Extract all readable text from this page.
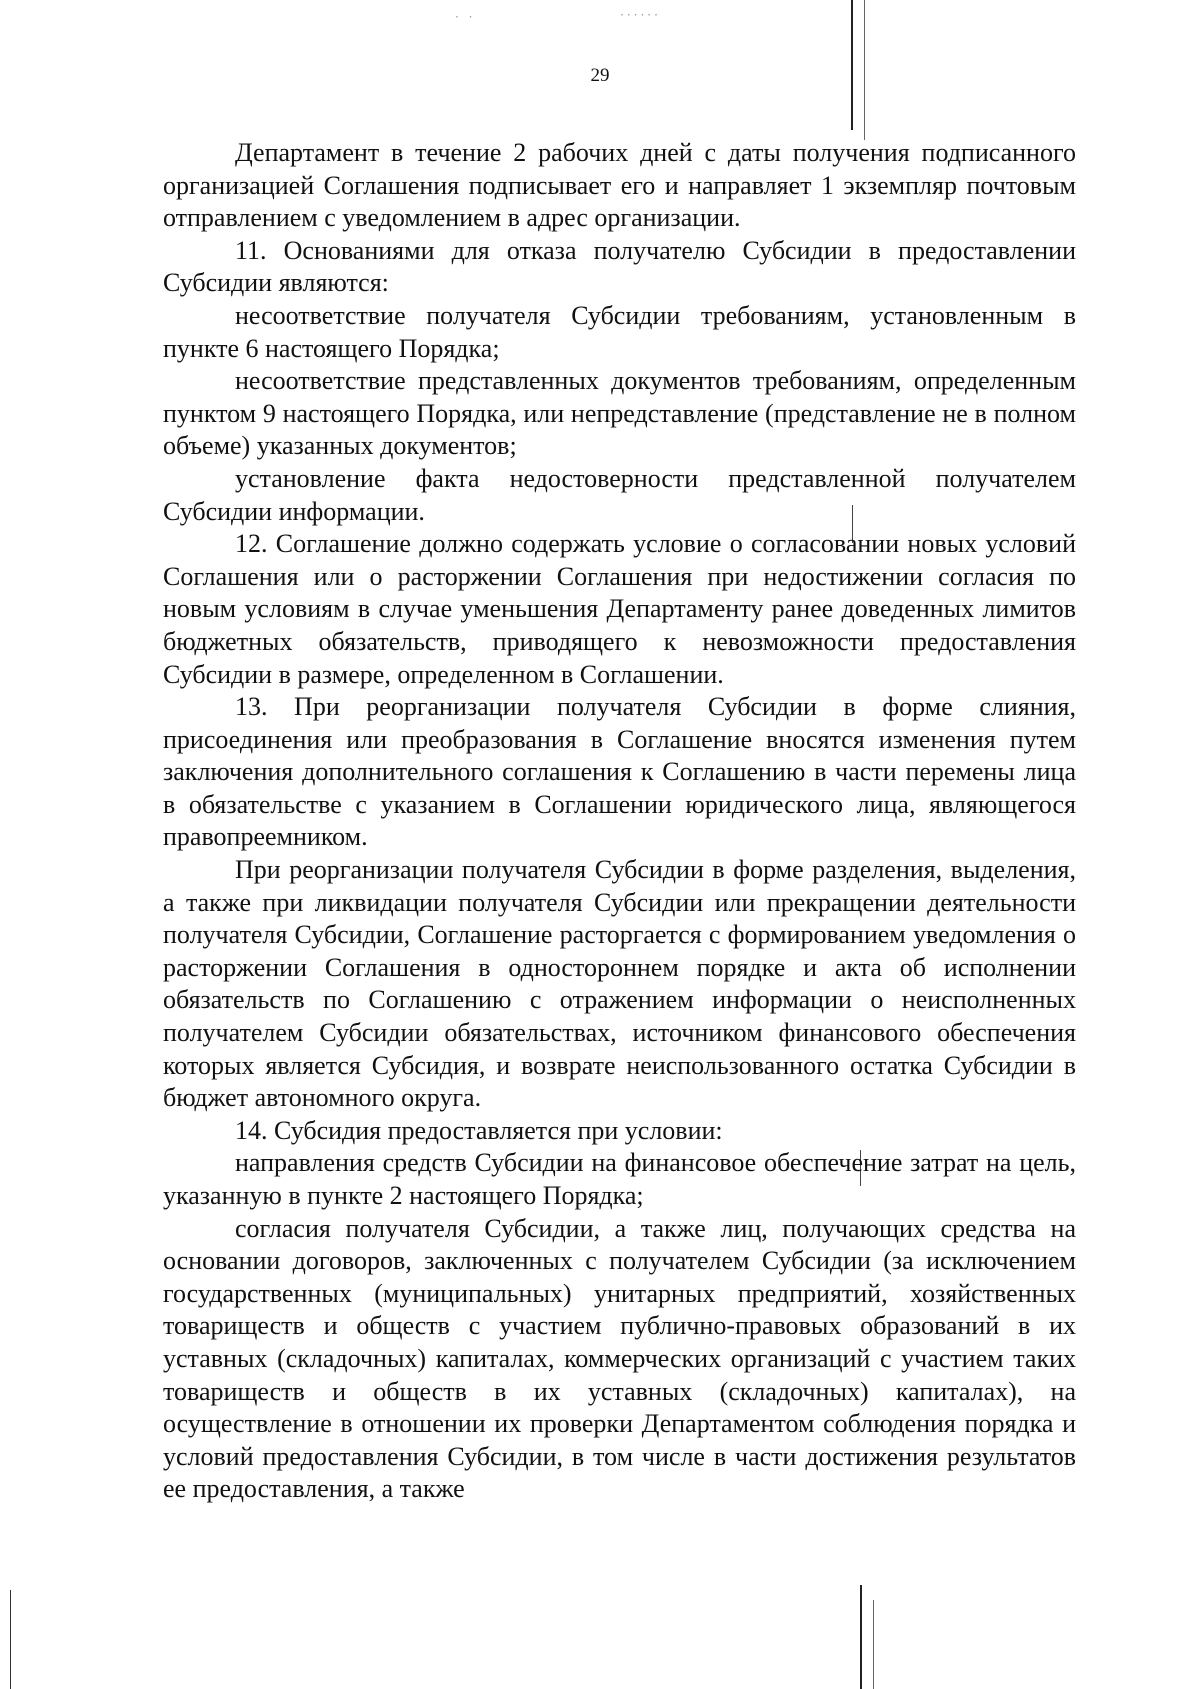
· ·	······
29

Департамент в течение 2 рабочих дней с даты получения подписанного организацией Соглашения подписывает его и направляет 1 экземпляр почтовым отправлением с уведомлением в адрес организации.

11. Основаниями для отказа получателю Субсидии в предоставлении Субсидии являются:

несоответствие получателя Субсидии требованиям, установленным в пункте 6 настоящего Порядка;

несоответствие представленных документов требованиям, определенным пунктом 9 настоящего Порядка, или непредставление (представление не в полном объеме) указанных документов;

установление факта недостоверности представленной получателем Субсидии информации.

12. Соглашение должно содержать условие о согласовании новых условий Соглашения или о расторжении Соглашения при недостижении согласия по новым условиям в случае уменьшения Департаменту ранее доведенных лимитов бюджетных обязательств, приводящего к невозможности предоставления Субсидии в размере, определенном в Соглашении.

13. При реорганизации получателя Субсидии в форме слияния, присоединения или преобразования в Соглашение вносятся изменения путем заключения дополнительного соглашения к Соглашению в части перемены лица в обязательстве с указанием в Соглашении юридического лица, являющегося правопреемником.

При реорганизации получателя Субсидии в форме разделения, выделения, а также при ликвидации получателя Субсидии или прекращении деятельности получателя Субсидии, Соглашение расторгается с формированием уведомления о расторжении Соглашения в одностороннем порядке и акта об исполнении обязательств по Соглашению с отражением информации о неисполненных получателем Субсидии обязательствах, источником финансового обеспечения которых является Субсидия, и возврате неиспользованного остатка Субсидии в бюджет автономного округа.

14. Субсидия предоставляется при условии:

направления средств Субсидии на финансовое обеспечение затрат на цель, указанную в пункте 2 настоящего Порядка;

согласия получателя Субсидии, а также лиц, получающих средства на основании договоров, заключенных с получателем Субсидии (за исключением государственных (муниципальных) унитарных предприятий, хозяйственных товариществ и обществ с участием публично-правовых образований в их уставных (складочных) капиталах, коммерческих организаций с участием таких товариществ и обществ в их уставных (складочных) капиталах), на осуществление в отношении их проверки Департаментом соблюдения порядка и условий предоставления Субсидии, в том числе в части достижения результатов ее предоставления, а также
